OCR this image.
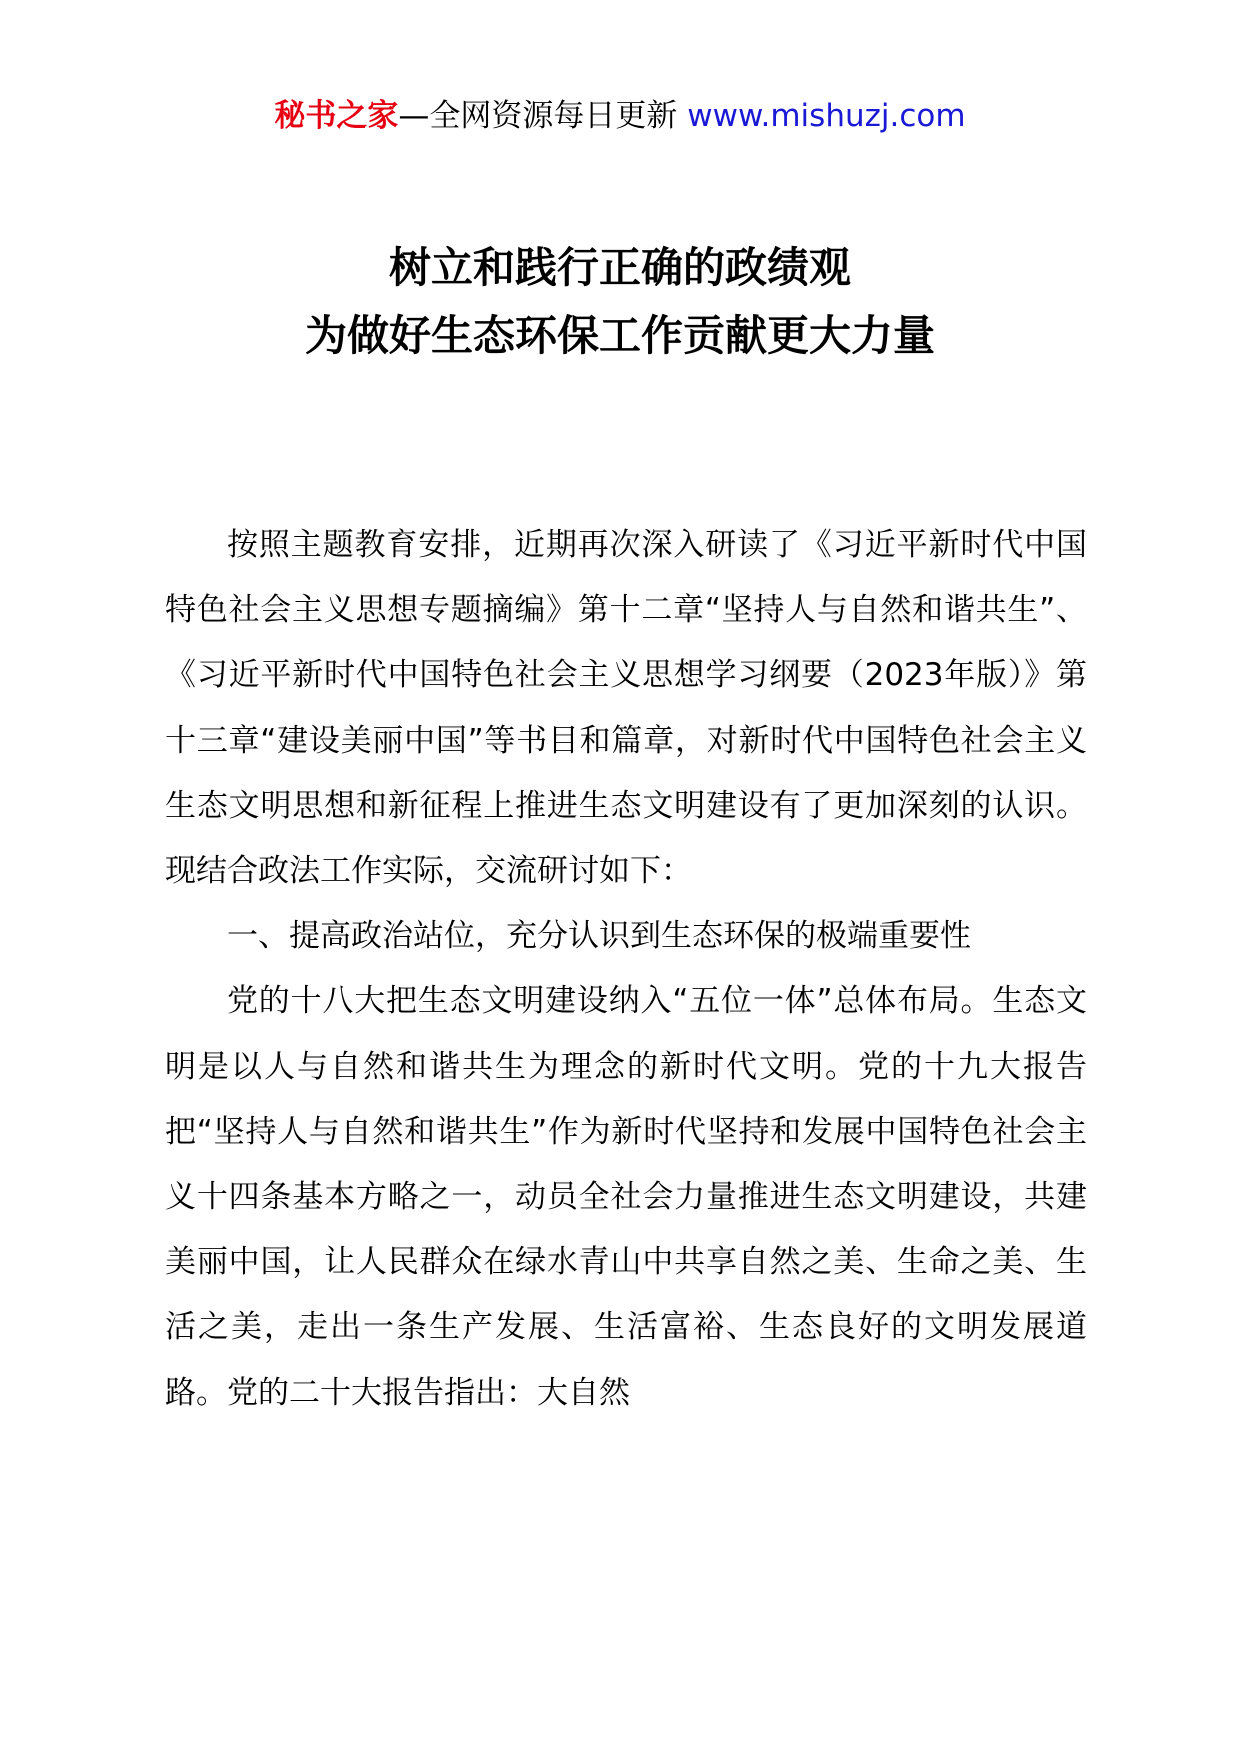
秘书之家—全网资源每日更新 www.mishuzj.com
树立和践行正确的政绩观
为做好生态环保工作贡献更大力量

按照主题教育安排，近期再次深入研读了《习近平新时代中国特色社会主义思想专题摘编》第十二章“坚持人与自然和谐共生”、《习近平新时代中国特色社会主义思想学习纲要（2023年版）》第十三章“建设美丽中国”等书目和篇章，对新时代中国特色社会主义生态文明思想和新征程上推进生态文明建设有了更加深刻的认识。现结合政法工作实际，交流研讨如下：

一、提高政治站位，充分认识到生态环保的极端重要性

党的十八大把生态文明建设纳入“五位一体”总体布局。生态文明是以人与自然和谐共生为理念的新时代文明。党的十九大报告把“坚持人与自然和谐共生”作为新时代坚持和发展中国特色社会主义十四条基本方略之一，动员全社会力量推进生态文明建设，共建美丽中国，让人民群众在绿水青山中共享自然之美、生命之美、生活之美，走出一条生产发展、生活富裕、生态良好的文明发展道路。党的二十大报告指出：大自然
